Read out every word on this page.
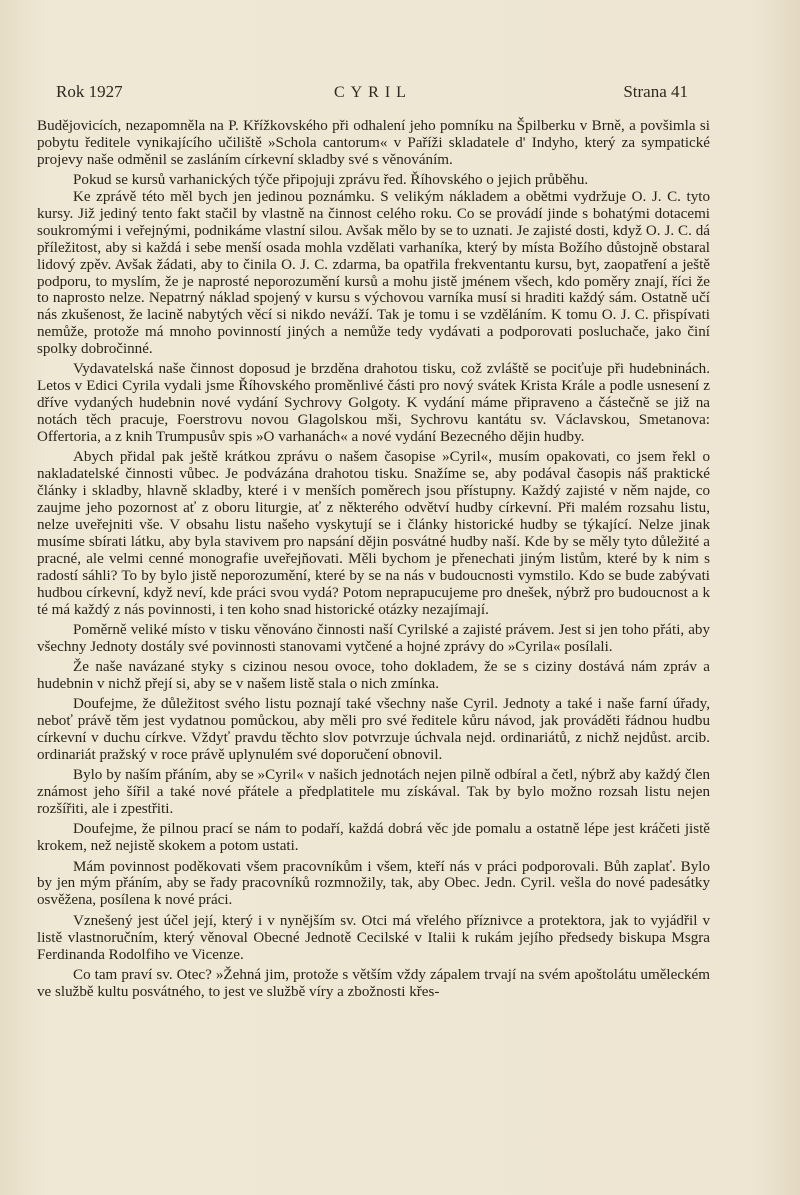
Rok 1927	CYRIL	Strana 41

Budějovicích, nezapomněla na P. Křížkovského při odhalení jeho pomníku na Špilberku v Brně, a povšimla si pobytu ředitele vynikajícího učiliště »Schola cantorum« v Paříži skladatele d' Indyho, který za sympatické projevy naše odměnil se zasláním církevní skladby své s věnováním.

Pokud se kursů varhanických týče připojuji zprávu řed. Říhovského o jejich průběhu.

Ke zprávě této měl bych jen jedinou poznámku. S velikým nákladem a obětmi vydržuje O. J. C. tyto kursy. Již jediný tento fakt stačil by vlastně na činnost celého roku. Co se provádí jinde s bohatými dotacemi soukromými i veřejnými, podnikáme vlastní silou. Avšak mělo by se to uznati. Je zajisté dosti, když O. J. C. dá příležitost, aby si každá i sebe menší osada mohla vzdělati varhaníka, který by místa Božího důstojně obstaral lidový zpěv. Avšak žádati, aby to činila O. J. C. zdarma, ba opatřila frekventantu kursu, byt, zaopatření a ještě podporu, to myslím, že je naprosté neporozumění kursů a mohu jistě jménem všech, kdo poměry znají, říci že to naprosto nelze. Nepatrný náklad spojený v kursu s výchovou varníka musí si hraditi každý sám. Ostatně učí nás zkušenost, že lacině nabytých věcí si nikdo neváží. Tak je tomu i se vzděláním. K tomu O. J. C. přispívati nemůže, protože má mnoho povinností jiných a nemůže tedy vydávati a podporovati posluchače, jako činí spolky dobročinné.

Vydavatelská naše činnost doposud je brzděna drahotou tisku, což zvláště se pociťuje při hudebninách. Letos v Edici Cyrila vydali jsme Říhovského proměnlivé části pro nový svátek Krista Krále a podle usnesení z dříve vydaných hudebnin nové vydání Sychrovy Golgoty. K vydání máme připraveno a částečně se již na notách těch pracuje, Foerstrovu novou Glagolskou mši, Sychrovu kantátu sv. Václavskou, Smetanova: Offertoria, a z knih Trumpusův spis »O varhanách« a nové vydání Bezecného dějin hudby.

Abych přidal pak ještě krátkou zprávu o našem časopise »Cyril«, musím opakovati, co jsem řekl o nakladatelské činnosti vůbec. Je podvázána drahotou tisku. Snažíme se, aby podával časopis náš praktické články i skladby, hlavně skladby, které i v menších poměrech jsou přístupny. Každý zajisté v něm najde, co zaujme jeho pozornost ať z oboru liturgie, ať z některého odvětví hudby církevní. Při malém rozsahu listu, nelze uveřejniti vše. V obsahu listu našeho vyskytují se i články historické hudby se týkající. Nelze jinak musíme sbírati látku, aby byla stavivem pro napsání dějin posvátné hudby naší. Kde by se měly tyto důležité a pracné, ale velmi cenné monografie uveřejňovati. Měli bychom je přenechati jiným listům, které by k nim s radostí sáhli? To by bylo jistě neporozumění, které by se na nás v budoucnosti vymstilo. Kdo se bude zabývati hudbou církevní, když neví, kde práci svou vydá? Potom neprapucujeme pro dnešek, nýbrž pro budoucnost a k té má každý z nás povinnosti, i ten koho snad historické otázky nezajímají.

Poměrně veliké místo v tisku věnováno činnosti naší Cyrilské a zajisté právem. Jest si jen toho přáti, aby všechny Jednoty dostály své povinnosti stanovami vytčené a hojné zprávy do »Cyrila« posílali.

Že naše navázané styky s cizinou nesou ovoce, toho dokladem, že se s ciziny dostává nám zpráv a hudebnin v nichž přejí si, aby se v našem listě stala o nich zmínka.

Doufejme, že důležitost svého listu poznají také všechny naše Cyril. Jednoty a také i naše farní úřady, neboť právě těm jest vydatnou pomůckou, aby měli pro své ředitele kůru návod, jak prováděti řádnou hudbu církevní v duchu církve. Vždyť pravdu těchto slov potvrzuje úchvala nejd. ordinariátů, z nichž nejdůst. arcib. ordinariát pražský v roce právě uplynulém své doporučení obnovil.

Bylo by naším přáním, aby se »Cyril« v našich jednotách nejen pilně odbíral a četl, nýbrž aby každý člen známost jeho šířil a také nové přátele a předplatitele mu získával. Tak by bylo možno rozsah listu nejen rozšířiti, ale i zpestřiti.

Doufejme, že pilnou prací se nám to podaří, každá dobrá věc jde pomalu a ostatně lépe jest kráčeti jistě krokem, než nejistě skokem a potom ustati.

Mám povinnost poděkovati všem pracovníkům i všem, kteří nás v práci podporovali. Bůh zaplať. Bylo by jen mým přáním, aby se řady pracovníků rozmnožily, tak, aby Obec. Jedn. Cyril. vešla do nové padesátky osvěžena, posílena k nové práci.

Vznešený jest účel její, který i v nynějším sv. Otci má vřelého příznivce a protektora, jak to vyjádřil v listě vlastnoručním, který věnoval Obecné Jednotě Cecilské v Italii k rukám jejího předsedy biskupa Msgra Ferdinanda Rodolfiho ve Vicenze.

Co tam praví sv. Otec? »Žehná jim, protože s větším vždy zápalem trvají na svém apoštolátu uměleckém ve službě kultu posvátného, to jest ve službě víry a zbožnosti křes-
